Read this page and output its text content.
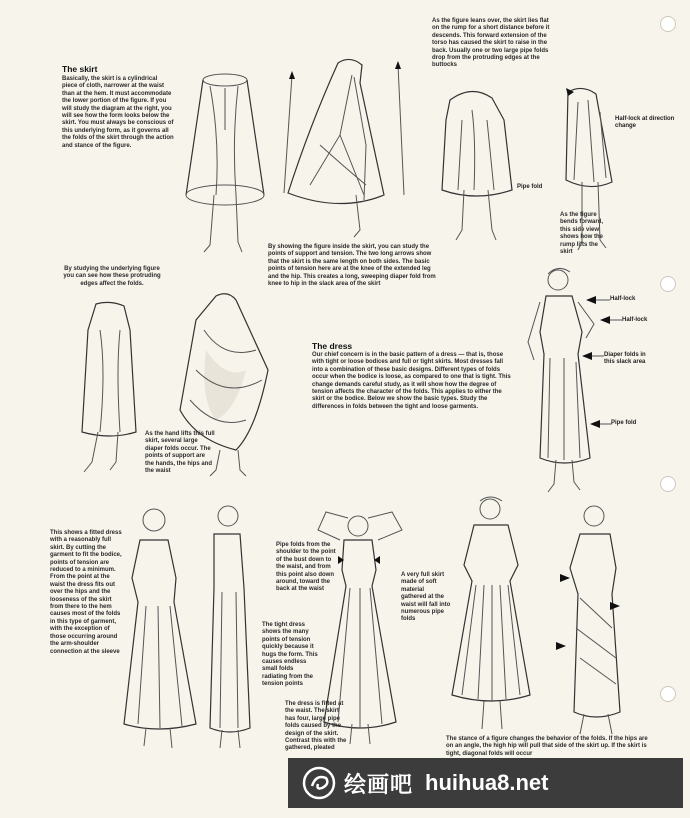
The skirt
Basically, the skirt is a cylindrical piece of cloth, narrower at the waist than at the hem. It must accommodate the lower portion of the figure. If you will study the diagram at the right, you will see how the form looks below the skirt. You must always be conscious of this underlying form, as it governs all the folds of the skirt through the action and stance of the figure.
As the figure leans over, the skirt lies flat on the rump for a short distance before it descends. This forward extension of the torso has caused the skirt to raise in the back. Usually one or two large pipe folds drop from the protruding edges at the buttocks
By showing the figure inside the skirt, you can study the points of support and tension. The two long arrows show that the skirt is the same length on both sides. The basic points of tension here are at the knee of the extended leg and the hip. This creates a long, sweeping diaper fold from knee to hip in the slack area of the skirt
Half-lock at direction change
Pipe fold
As the figure bends forward, this side view shows how the rump lifts the skirt
By studying the underlying figure you can see how these protruding edges affect the folds.
As the hand lifts this full skirt, several large diaper folds occur. The points of support are the hands, the hips and the waist
The dress
Our chief concern is in the basic pattern of a dress — that is, those with tight or loose bodices and full or tight skirts. Most dresses fall into a combination of these basic designs. Different types of folds occur when the bodice is loose, as compared to one that is tight. This change demands careful study, as it will show how the degree of tension affects the character of the folds. This applies to either the skirt or the bodice. Below we show the basic types. Study the differences in folds between the tight and loose garments.
Half-lock
Half-lock
Diaper folds in this slack area
Pipe fold
This shows a fitted dress with a reasonably full skirt. By cutting the garment to fit the bodice, points of tension are reduced to a minimum. From the point at the waist the dress fits out over the hips and the looseness of the skirt from there to the hem causes most of the folds in this type of garment, with the exception of those occurring around the arm-shoulder connection at the sleeve
Pipe folds from the shoulder to the point of the bust down to the waist, and from this point also down around, toward the back at the waist
The tight dress shows the many points of tension quickly because it hugs the form. This causes endless small folds radiating from the tension points
A very full skirt made of soft material gathered at the waist will fall into numerous pipe folds
The dress is fitted at the waist. The skirt has four, large pipe folds caused by the design of the skirt. Contrast this with the gathered, pleated
The stance of a figure changes the behavior of the folds. If the hips are on an angle, the high hip will pull that side of the skirt up. If the skirt is tight, diagonal folds will occur
绘画吧 huihua8.net
